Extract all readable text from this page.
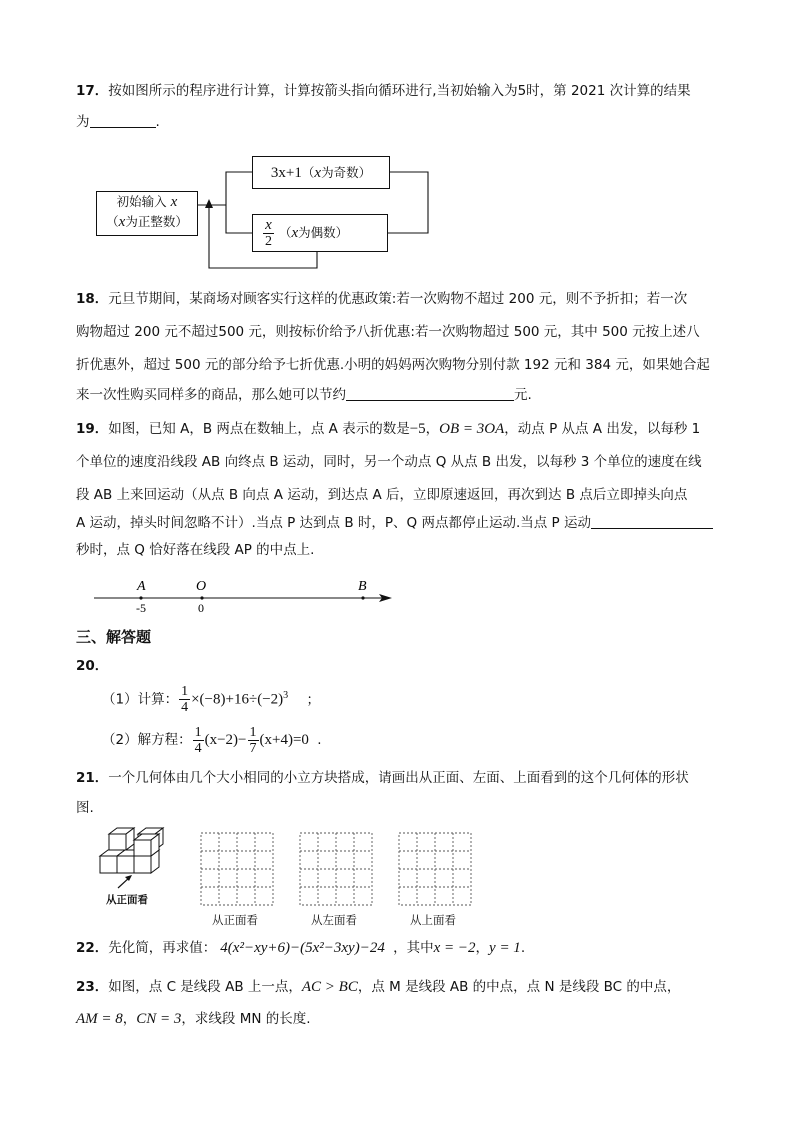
17．按如图所示的程序进行计算，计算按箭头指向循环进行,当初始输入为5时，第 2021 次计算的结果
为	.
初始输入 x
（x为正整数）
3x+1（x为奇数）
$\frac{x}{2} (x$为偶数）
18．元旦节期间，某商场对顾客实行这样的优惠政策:若一次购物不超过 200 元，则不予折扣；若一次
购物超过 200 元不超过500 元，则按标价给予八折优惠:若一次购物超过 500 元，其中 500 元按上述八
折优惠外，超过 500 元的部分给予七折优惠.小明的妈妈两次购物分别付款 192 元和 384 元，如果她合起
来一次性购买同样多的商品，那么她可以节约	元.
19．如图，已知 A，B 两点在数轴上，点 A 表示的数是−5，OB = 3OA，动点 P 从点 A 出发，以每秒 1
个单位的速度沿线段 AB 向终点 B 运动，同时，另一个动点 Q 从点 B 出发，以每秒 3 个单位的速度在线
段 AB 上来回运动（从点 B 向点 A 运动，到达点 A 后，立即原速返回，再次到达 B 点后立即掉头向点
A 运动，掉头时间忽略不计）.当点 P 达到点 B 时，P、Q 两点都停止运动.当点 P 运动
秒时，点 Q 恰好落在线段 AP 的中点上.
A	O	B
-5	0
三、解答题
20．
（1）计算： $\frac{1}{4} \times(-8)+16\div(-2)^3$ ；
（2）解方程： $\frac{1}{4} (x-2)- \frac{1}{7} (x+4)=0$ .
21．一个几何体由几个大小相同的小立方块搭成，请画出从正面、左面、上面看到的这个几何体的形状
图.
从正面看
从正面看	从左面看	从上面看
22．先化简，再求值： 4(x²−xy+6)−(5x²−3xy)−24 ，其中x = −2，y = 1.
23．如图，点 C 是线段 AB 上一点，AC > BC，点 M 是线段 AB 的中点，点 N 是线段 BC 的中点，
AM = 8，CN = 3，求线段 MN 的长度.
